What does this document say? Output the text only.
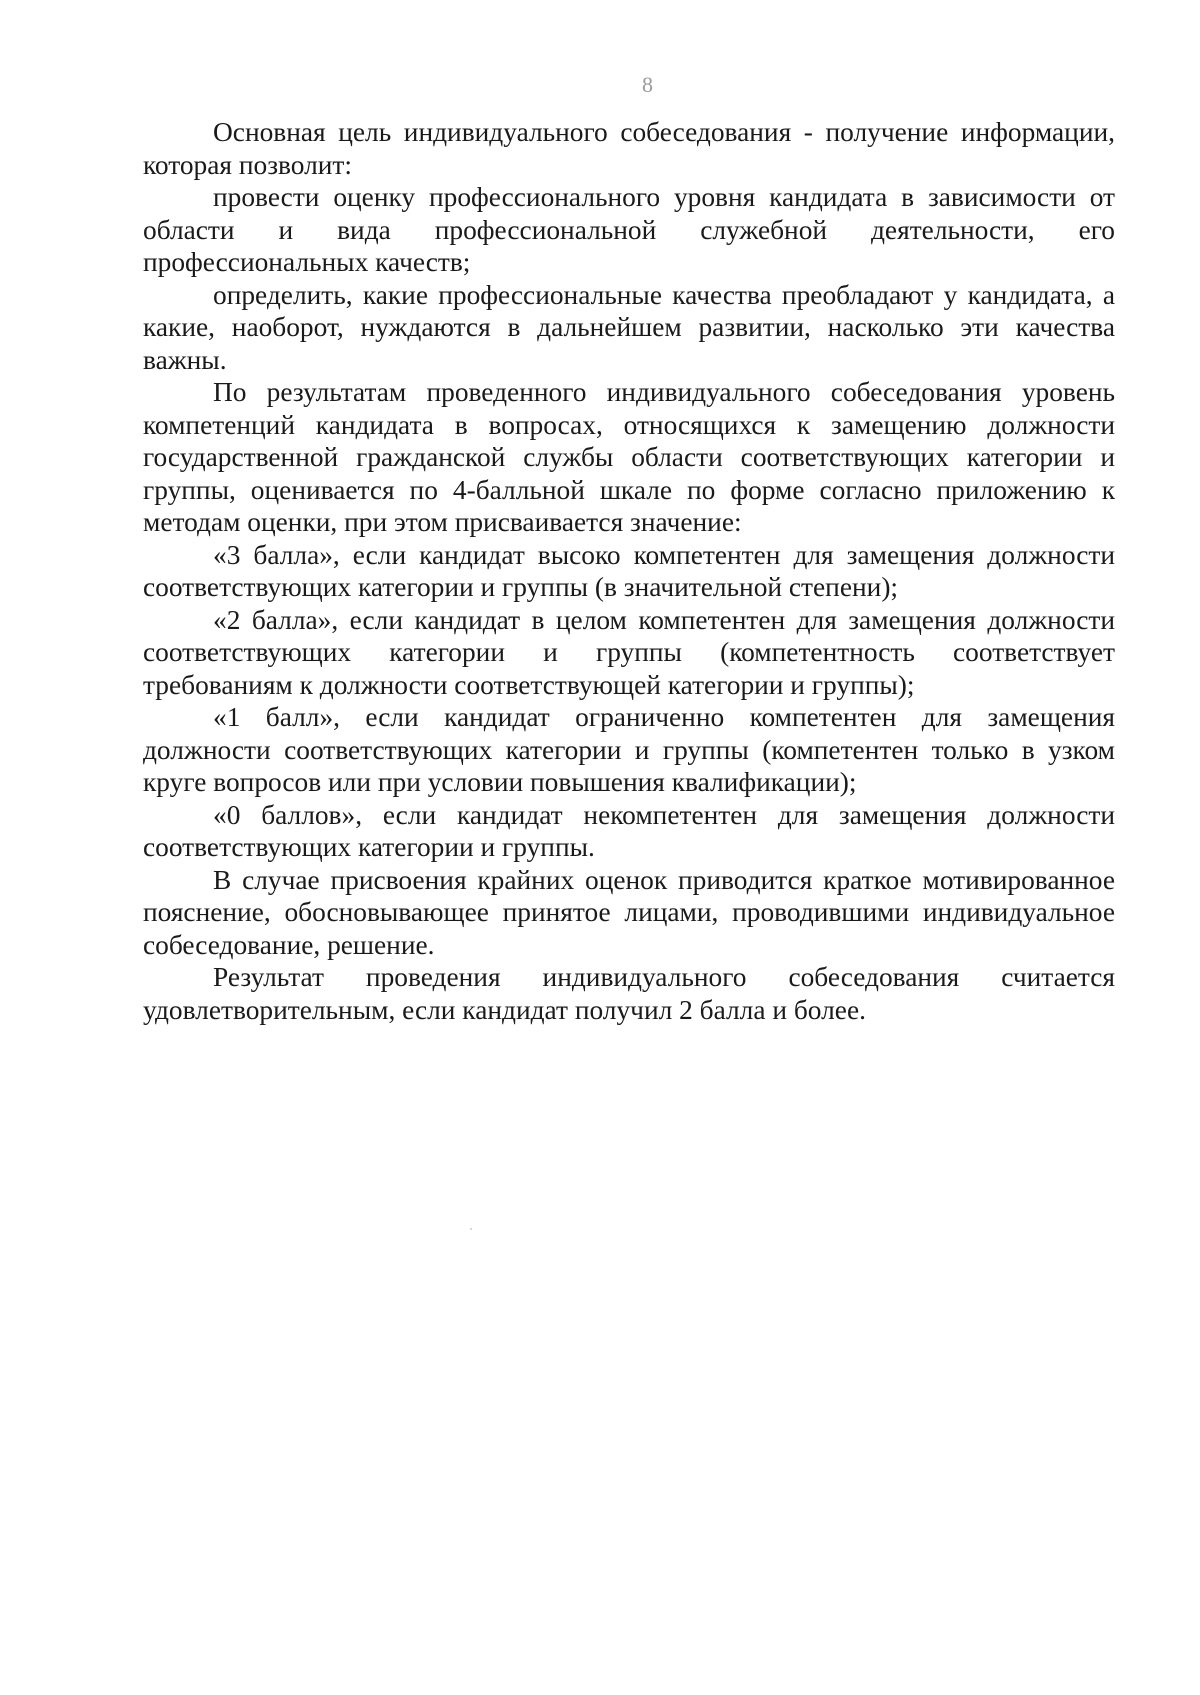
8

Основная цель индивидуального собеседования - получение информации, которая позволит:

провести оценку профессионального уровня кандидата в зависимости от области и вида профессиональной служебной деятельности, его профессиональных качеств;

определить, какие профессиональные качества преобладают у кандидата, а какие, наоборот, нуждаются в дальнейшем развитии, насколько эти качества важны.

По результатам проведенного индивидуального собеседования уровень компетенций кандидата в вопросах, относящихся к замещению должности государственной гражданской службы области соответствующих категории и группы, оценивается по 4-балльной шкале по форме согласно приложению к методам оценки, при этом присваивается значение:

«3 балла», если кандидат высоко компетентен для замещения должности соответствующих категории и группы (в значительной степени);

«2 балла», если кандидат в целом компетентен для замещения должности соответствующих категории и группы (компетентность соответствует требованиям к должности соответствующей категории и группы);

«1 балл», если кандидат ограниченно компетентен для замещения должности соответствующих категории и группы (компетентен только в узком круге вопросов или при условии повышения квалификации);

«0 баллов», если кандидат некомпетентен для замещения должности соответствующих категории и группы.

В случае присвоения крайних оценок приводится краткое мотивированное пояснение, обосновывающее принятое лицами, проводившими индивидуальное собеседование, решение.

Результат проведения индивидуального собеседования считается удовлетворительным, если кандидат получил 2 балла и более.
